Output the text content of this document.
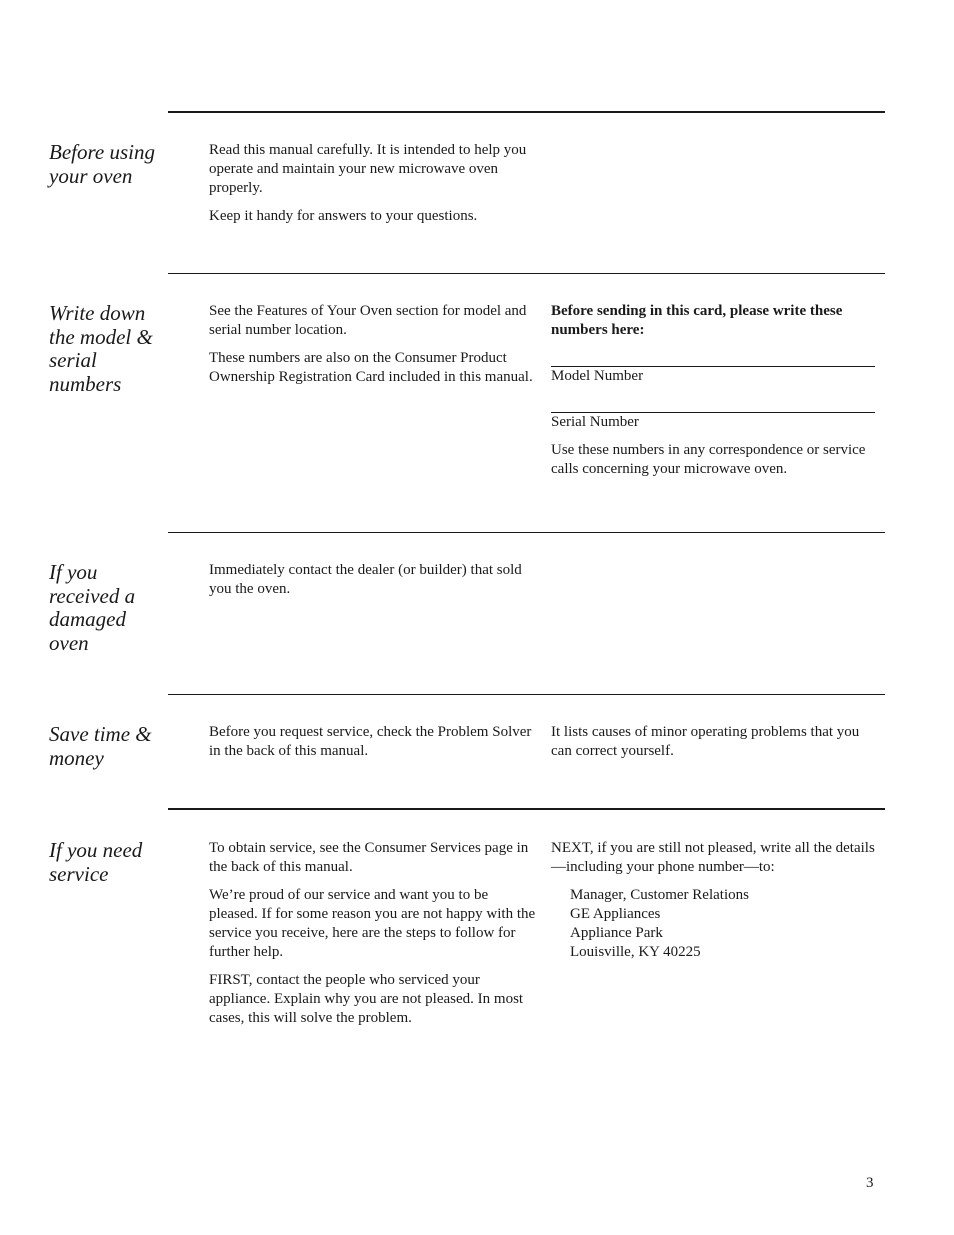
Before using your oven

Read this manual carefully. It is intended to help you operate and maintain your new microwave oven properly.

Keep it handy for answers to your questions.

Write down the model & serial numbers

See the Features of Your Oven section for model and serial number location.

These numbers are also on the Consumer Product Ownership Registration Card included in this manual.

Before sending in this card, please write these numbers here:

Model Number

Serial Number

Use these numbers in any correspondence or service calls concerning your microwave oven.

If you received a damaged oven

Immediately contact the dealer (or builder) that sold you the oven.

Save time & money

Before you request service, check the Problem Solver in the back of this manual.

It lists causes of minor operating problems that you can correct yourself.

If you need service

To obtain service, see the Consumer Services page in the back of this manual.

We’re proud of our service and want you to be pleased. If for some reason you are not happy with the service you receive, here are the steps to follow for further help.

FIRST, contact the people who serviced your appliance. Explain why you are not pleased. In most cases, this will solve the problem.

NEXT, if you are still not pleased, write all the details—including your phone number—to:

Manager, Customer Relations
GE Appliances
Appliance Park
Louisville, KY 40225
3
